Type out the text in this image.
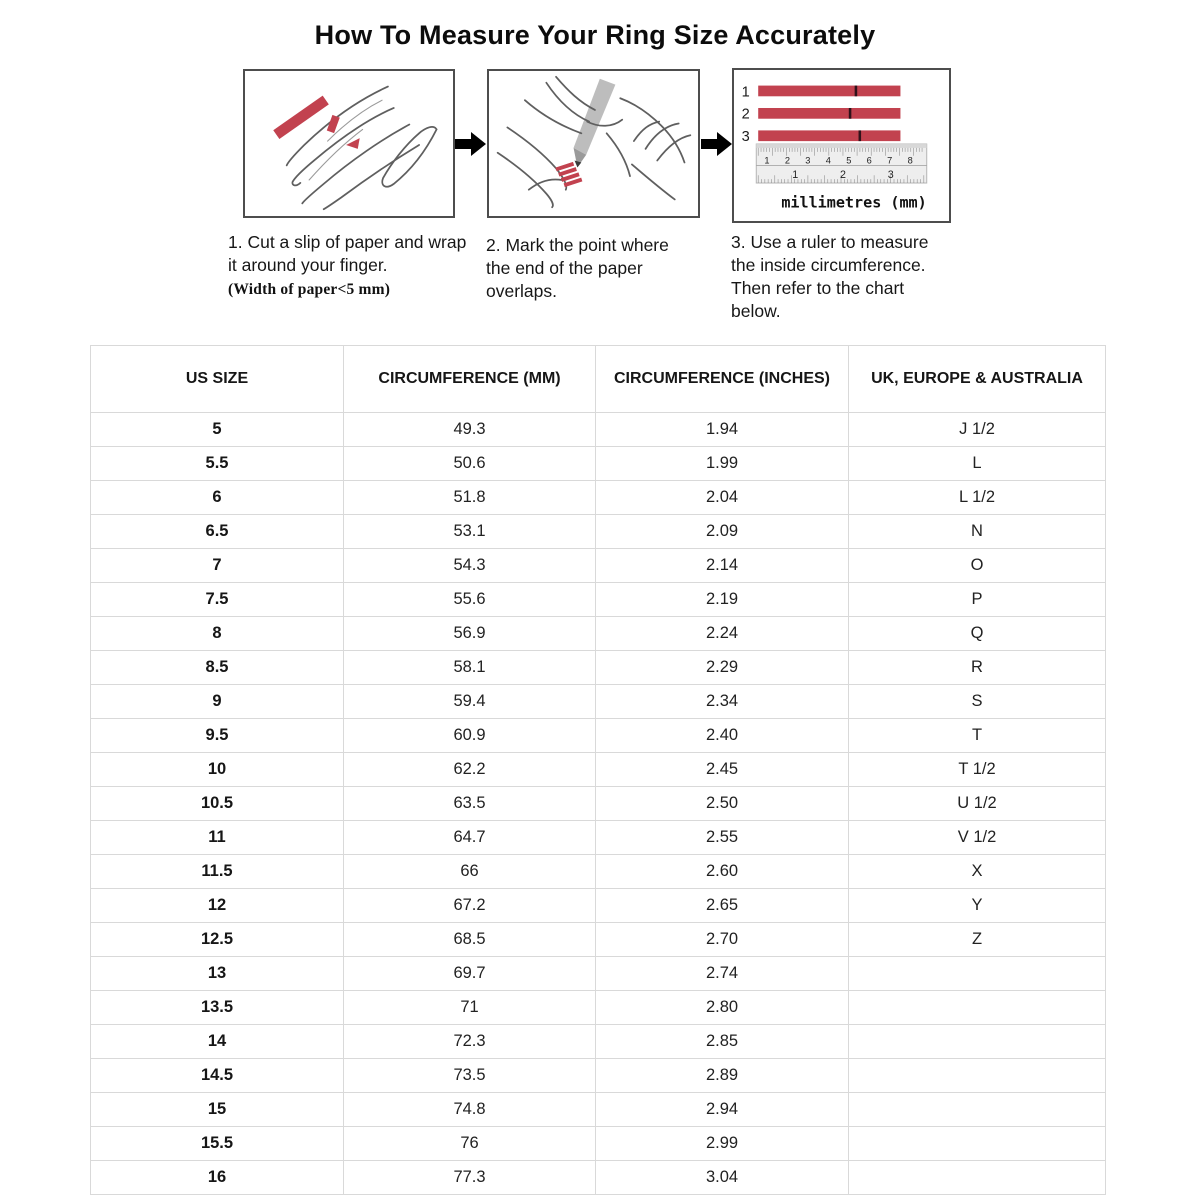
How To Measure Your Ring Size Accurately
1
2
3
1 2 3 4 5 6 7 8
1	2	3
millimetres (mm)
1. Cut a slip of paper and wrap it around your finger.
(Width of paper<5 mm)
2. Mark the point where the end of the paper overlaps.
3. Use a ruler to measure the inside circumference. Then refer to the chart below.
US SIZE	CIRCUMFERENCE (MM)	CIRCUMFERENCE (INCHES)	UK, EUROPE & AUSTRALIA
5	49.3	1.94	J 1/2
5.5	50.6	1.99	L
6	51.8	2.04	L 1/2
6.5	53.1	2.09	N
7	54.3	2.14	O
7.5	55.6	2.19	P
8	56.9	2.24	Q
8.5	58.1	2.29	R
9	59.4	2.34	S
9.5	60.9	2.40	T
10	62.2	2.45	T 1/2
10.5	63.5	2.50	U 1/2
11	64.7	2.55	V 1/2
11.5	66	2.60	X
12	67.2	2.65	Y
12.5	68.5	2.70	Z
13	69.7	2.74	
13.5	71	2.80	
14	72.3	2.85	
14.5	73.5	2.89	
15	74.8	2.94	
15.5	76	2.99	
16	77.3	3.04	
